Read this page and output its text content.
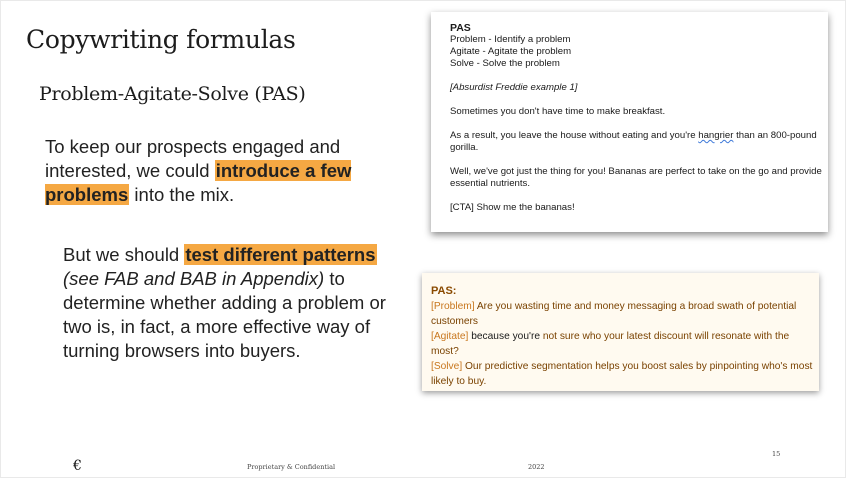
Copywriting formulas
Problem-Agitate-Solve (PAS)
To keep our prospects engaged and interested, we could introduce a few problems into the mix.
But we should test different patterns
(see FAB and BAB in Appendix) to determine whether adding a problem or two is, in fact, a more effective way of turning browsers into buyers.
PAS
Problem - Identify a problem
Agitate - Agitate the problem
Solve - Solve the problem
[Absurdist Freddie example 1]
Sometimes you don't have time to make breakfast.
As a result, you leave the house without eating and you're hangrier than an 800-pound gorilla.
Well, we've got just the thing for you! Bananas are perfect to take on the go and provide essential nutrients.
[CTA] Show me the bananas!
PAS:
[Problem] Are you wasting time and money messaging a broad swath of potential customers
[Agitate] because you're not sure who your latest discount will resonate with the most?
[Solve] Our predictive segmentation helps you boost sales by pinpointing who's most likely to buy.
€	Proprietary & Confidential	2022
15
